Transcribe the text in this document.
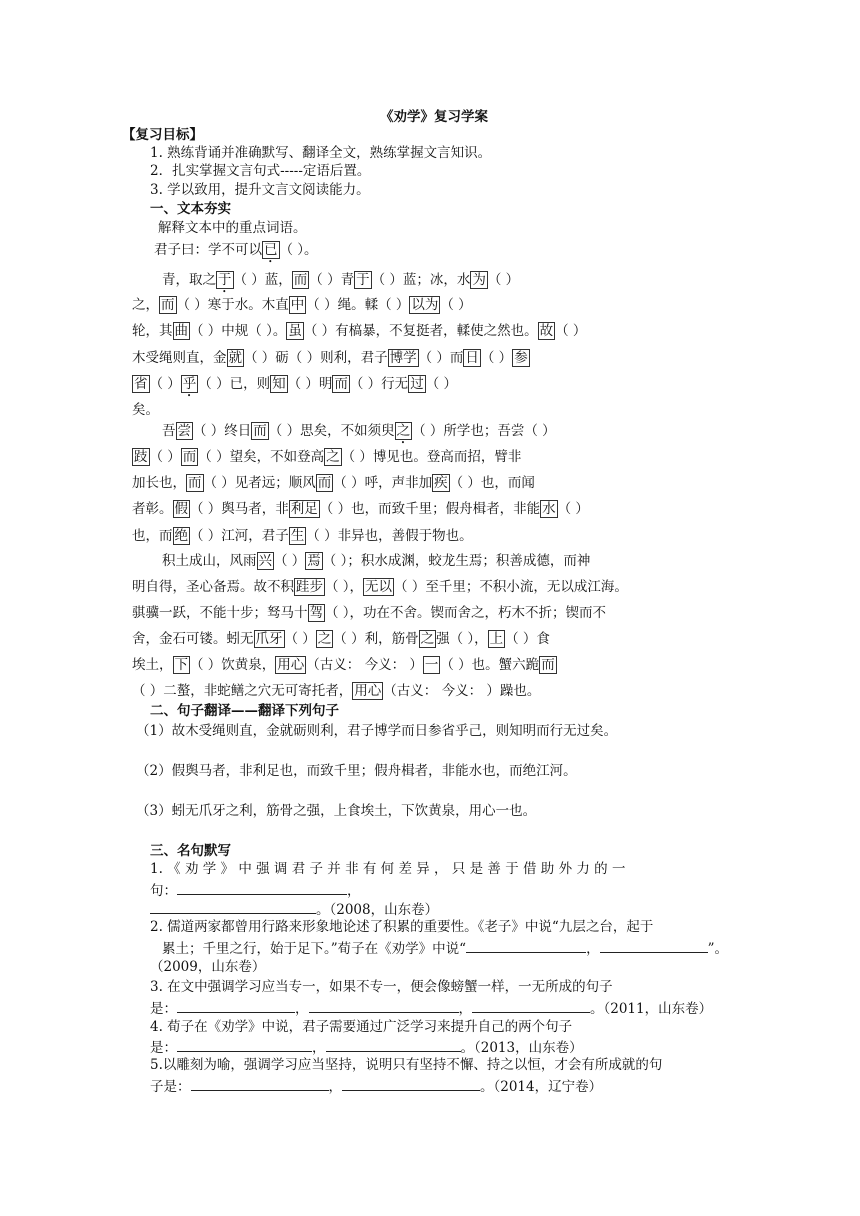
《劝学》复习学案
【复习目标】
1. 熟练背诵并准确默写、翻译全文，熟练掌握文言知识。
2．扎实掌握文言句式-----定语后置。
3. 学以致用，提升文言文阅读能力。
一、文本夯实
解释文本中的重点词语。
君子曰：学不可以 已 （ ）。
青，取之 于 （ ）蓝， 而 （ ）青 于 （ ）蓝；冰，水 为 （ ）
之， 而 （ ）寒于水。木直 中 （ ）绳。輮（ ） 以为 （ ）
轮，其 曲 （ ）中规（ ）。 虽 （ ）有槁暴，不复挺者，輮使之然也。 故 （ ）
木受绳则直，金 就 （ ）砺（ ）则利，君子 博学 （ ）而 日 （ ） 参
省 （ ） 乎 （ ）已，则 知 （ ）明 而 （ ）行无 过 （ ）
矣。
吾 尝 （ ）终日 而 （ ）思矣，不如须臾 之 （ ）所学也；吾尝（ ）
跂 （ ） 而 （ ）望矣，不如登高 之 （ ）博见也。登高而招，臂非
加长也， 而 （ ）见者远；顺风 而 （ ）呼，声非加 疾 （ ）也，而闻
者彰。 假 （ ）舆马者，非 利足 （ ）也，而致千里；假舟楫者，非能 水 （ ）
也，而 绝 （ ）江河，君子 生 （ ）非异也，善假于物也。
积土成山，风雨 兴 （ ） 焉 （ ）；积水成渊，蛟龙生焉；积善成德，而神
明自得，圣心备焉。故不积 跬步 （ ）， 无以 （ ）至千里；不积小流，无以成江海。
骐骥一跃，不能十步；驽马十 驾 （ ），功在不舍。锲而舍之，朽木不折；锲而不
舍，金石可镂。蚓无 爪牙 （ ） 之 （ ）利，筋骨 之 强（ ）， 上 （ ）食
埃土， 下 （ ）饮黄泉， 用心 （古义： 今义： ） 一 （ ）也。蟹六跪 而
（ ）二螯，非蛇鳝之穴无可寄托者， 用心 （古义： 今义： ）躁也。
二、句子翻译——翻译下列句子
（1）故木受绳则直，金就砺则利，君子博学而日参省乎己，则知明而行无过矣。
（2）假舆马者，非利足也，而致千里；假舟楫者，非能水也，而绝江河。
（3）蚓无爪牙之利，筋骨之强，上食埃土，下饮黄泉，用心一也。
三、名句默写
1. 《 劝 学 》 中 强 调 君 子 并 非 有 何 差 异 ， 只 是 善 于 借 助 外 力 的 一
句：	，
。（2008，山东卷）
2. 儒道两家都曾用行路来形象地论述了积累的重要性。《老子》中说“九层之台，起于
累土；千里之行，始于足下。”荀子在《劝学》中说“	，	”。
（2009，山东卷）
3. 在文中强调学习应当专一，如果不专一，便会像螃蟹一样，一无所成的句子
是：	，	，	。（2011，山东卷）
4. 荀子在《劝学》中说，君子需要通过广泛学习来提升自己的两个句子
是：	，	。（2013，山东卷）
5.以雕刻为喻，强调学习应当坚持，说明只有坚持不懈、持之以恒，才会有所成就的句
子是：	，	。（2014，辽宁卷）
